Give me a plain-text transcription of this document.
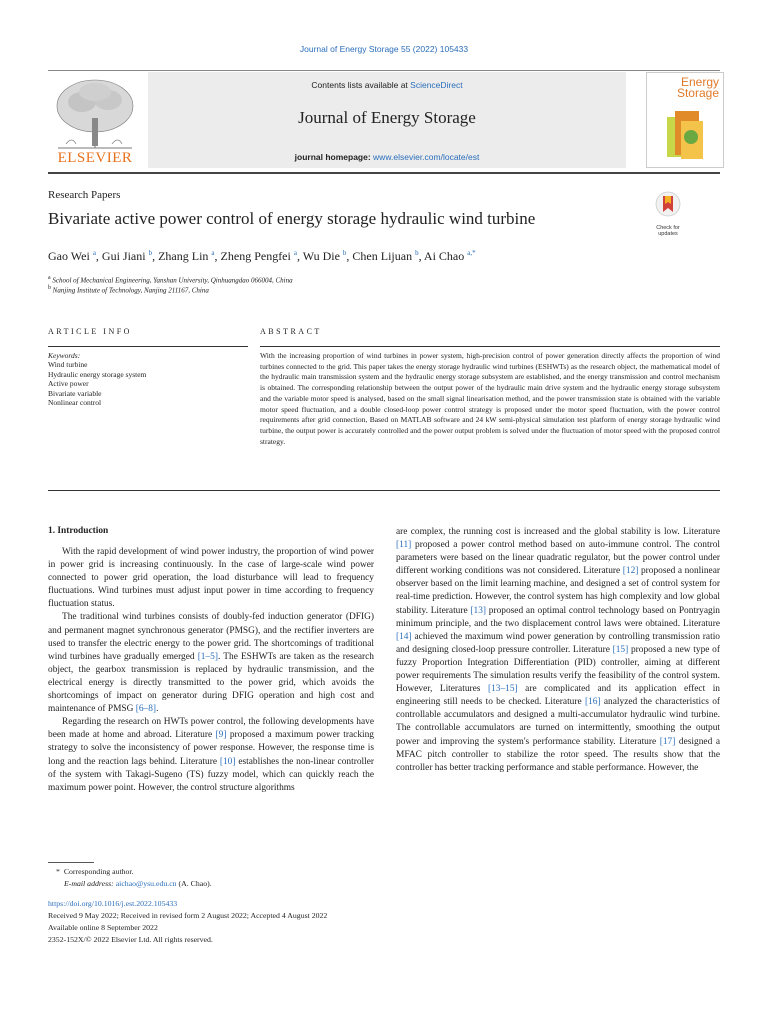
Journal of Energy Storage 55 (2022) 105433
ELSEVIER
Contents lists available at ScienceDirect
Journal of Energy Storage
journal homepage: www.elsevier.com/locate/est
Energy
Storage
Research Papers
Bivariate active power control of energy storage hydraulic wind turbine	Check for updates
Gao Wei $^a$, Gui Jiani $^b$, Zhang Lin $^a$, Zheng Pengfei $^a$, Wu Die $^b$, Chen Lijuan $^b$, Ai Chao $^{a,*}$
$^a$ School of Mechanical Engineering, Yanshan University, Qinhuangdao 066004, China
$^b$ Nanjing Institute of Technology, Nanjing 211167, China
ARTICLE INFO	ABSTRACT
Keywords:
Wind turbine
Hydraulic energy storage system
Active power
Bivariate variable
Nonlinear control
With the increasing proportion of wind turbines in power system, high-precision control of power generation directly affects the proportion of wind turbines connected to the grid. This paper takes the energy storage hydraulic wind turbines (ESHWTs) as the research object, the mathematical model of the hydraulic main transmission system and the hydraulic energy storage subsystem are established, and the energy transmission and control mechanism is obtained. The corresponding relationship between the output power of the hydraulic main drive system and the hydraulic energy storage subsystem and the variable motor speed is analysed, based on the small signal linearisation method, and the power transmission state is obtained with the variable motor speed fluctuation, and a double closed-loop power control strategy is proposed under the motor speed fluctuation, with the power control requirements after grid connection, Based on MATLAB software and 24 kW semi-physical simulation test platform of energy storage hydraulic wind turbine, the output power is accurately controlled and the power output problem is solved under the fluctuation of motor speed with the proposed control strategy.
1. Introduction

With the rapid development of wind power industry, the proportion of wind power in power grid is increasing continuously. In the case of large-scale wind power connected to power grid operation, the load disturbance will lead to frequency fluctuations. Wind turbines must adjust input power in time according to frequency fluctuation status.

The traditional wind turbines consists of doubly-fed induction generator (DFIG) and permanent magnet synchronous generator (PMSG), and the rectifier inverters are used to transfer the electric energy to the power grid. The shortcomings of traditional wind turbines have gradually emerged [1–5]. The ESHWTs are taken as the research object, the gearbox transmission is replaced by hydraulic transmission, and the electrical energy is directly transmitted to the power grid, which avoids the shortcomings of impact on generator during DFIG operation and high cost and maintenance of PMSG [6–8].

Regarding the research on HWTs power control, the following developments have been made at home and abroad. Literature [9] proposed a maximum power tracking strategy to solve the inconsistency of power response. However, the response time is long and the reaction lags behind. Literature [10] establishes the non-linear controller of the system with Takagi-Sugeno (TS) fuzzy model, which can quickly reach the maximum power point. However, the control structure algorithms

are complex, the running cost is increased and the global stability is low. Literature [11] proposed a power control method based on auto-immune control. The control parameters were based on the linear quadratic regulator, but the power control under different working conditions was not considered. Literature [12] proposed a nonlinear observer based on the limit learning machine, and designed a set of control system for real-time prediction. However, the control system has high complexity and low global stability. Literature [13] proposed an optimal control technology based on Pontryagin minimum principle, and the two displacement control laws were obtained. Literature [14] achieved the maximum wind power generation by controlling transmission ratio and designing closed-loop pressure controller. Literature [15] proposed a new type of fuzzy Proportion Integration Differentiation (PID) controller, aiming at different power requirements The simulation results verify the feasibility of the control system. However, Literatures [13–15] are complicated and its application effect in engineering still needs to be checked. Literature [16] analyzed the characteristics of controllable accumulators and designed a multi-accumulator hydraulic wind turbine. The controllable accumulators are turned on intermittently, smoothing the output power and improving the system's performance stability. Literature [17] designed a MFAC pitch controller to stabilize the rotor speed. The results show that the controller has better tracking performance and stable performance. However, the

* Corresponding author.
E-mail address: aichao@ysu.edu.cn (A. Chao).
https://doi.org/10.1016/j.est.2022.105433
Received 9 May 2022; Received in revised form 2 August 2022; Accepted 4 August 2022
Available online 8 September 2022
2352-152X/© 2022 Elsevier Ltd. All rights reserved.
